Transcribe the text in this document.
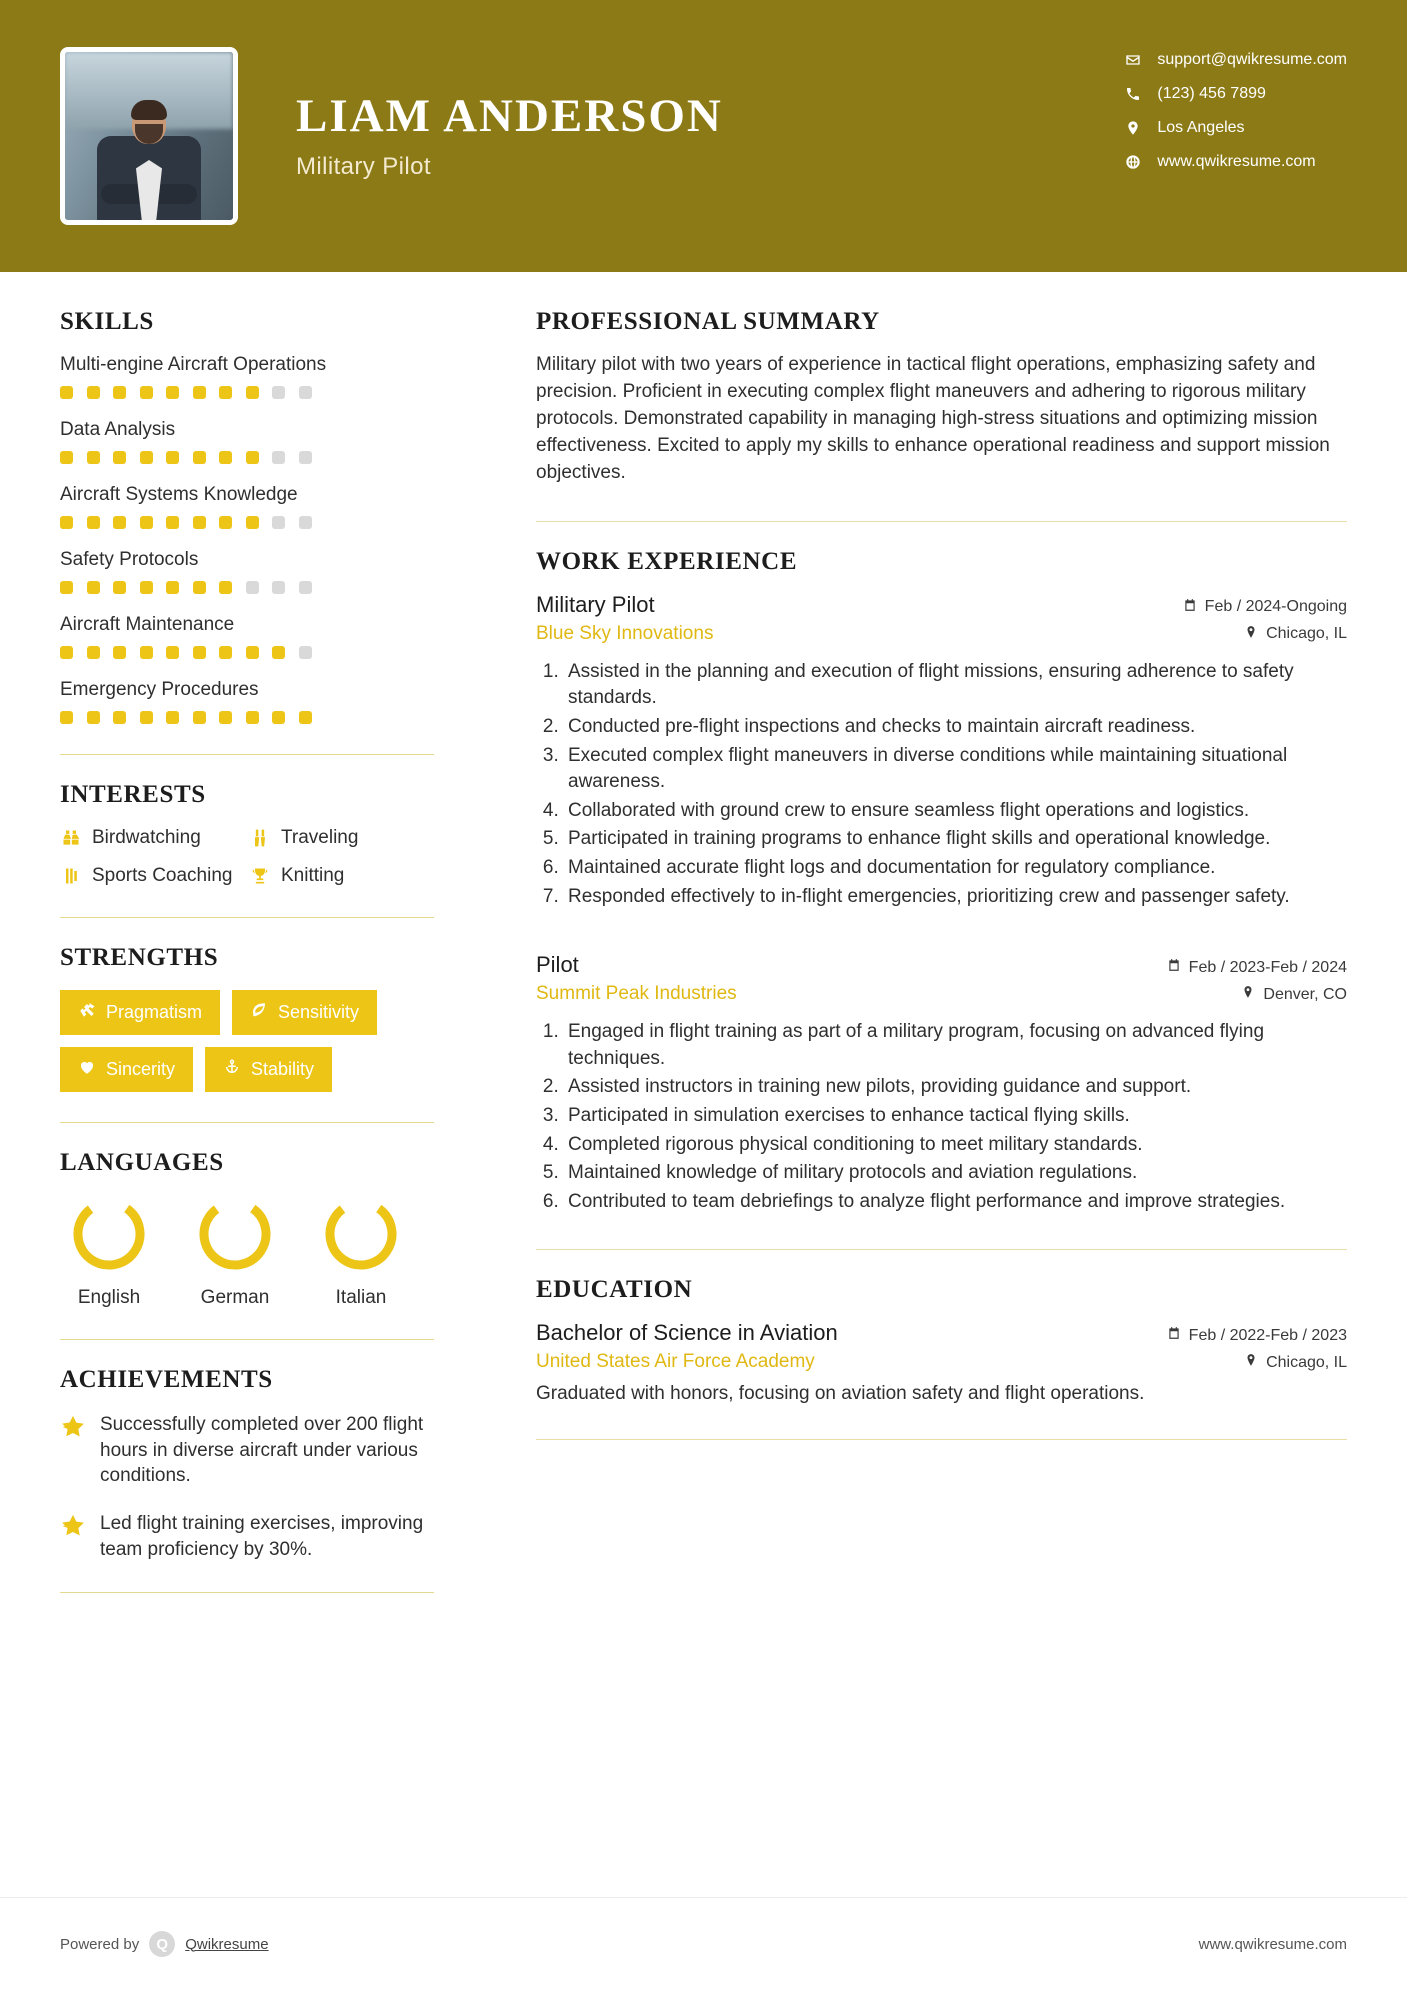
LIAM ANDERSON
Military Pilot
support@qwikresume.com
(123) 456 7899
Los Angeles
www.qwikresume.com
SKILLS
Multi-engine Aircraft Operations
Data Analysis
Aircraft Systems Knowledge
Safety Protocols
Aircraft Maintenance
Emergency Procedures
INTERESTS
Birdwatching	Traveling
Sports Coaching	Knitting
STRENGTHS
Pragmatism	Sensitivity
Sincerity	Stability
LANGUAGES
English	German	Italian
ACHIEVEMENTS
Successfully completed over 200 flight hours in diverse aircraft under various conditions.
Led flight training exercises, improving team proficiency by 30%.
PROFESSIONAL SUMMARY
Military pilot with two years of experience in tactical flight operations, emphasizing safety and precision. Proficient in executing complex flight maneuvers and adhering to rigorous military protocols. Demonstrated capability in managing high-stress situations and optimizing mission effectiveness. Excited to apply my skills to enhance operational readiness and support mission objectives.
WORK EXPERIENCE
Military Pilot	Feb / 2024-Ongoing
Blue Sky Innovations	Chicago, IL
1. Assisted in the planning and execution of flight missions, ensuring adherence to safety standards.
2. Conducted pre-flight inspections and checks to maintain aircraft readiness.
3. Executed complex flight maneuvers in diverse conditions while maintaining situational awareness.
4. Collaborated with ground crew to ensure seamless flight operations and logistics.
5. Participated in training programs to enhance flight skills and operational knowledge.
6. Maintained accurate flight logs and documentation for regulatory compliance.
7. Responded effectively to in-flight emergencies, prioritizing crew and passenger safety.
Pilot	Feb / 2023-Feb / 2024
Summit Peak Industries	Denver, CO
1. Engaged in flight training as part of a military program, focusing on advanced flying techniques.
2. Assisted instructors in training new pilots, providing guidance and support.
3. Participated in simulation exercises to enhance tactical flying skills.
4. Completed rigorous physical conditioning to meet military standards.
5. Maintained knowledge of military protocols and aviation regulations.
6. Contributed to team debriefings to analyze flight performance and improve strategies.
EDUCATION
Bachelor of Science in Aviation	Feb / 2022-Feb / 2023
United States Air Force Academy	Chicago, IL
Graduated with honors, focusing on aviation safety and flight operations.
Powered by	Q	Qwikresume	www.qwikresume.com
